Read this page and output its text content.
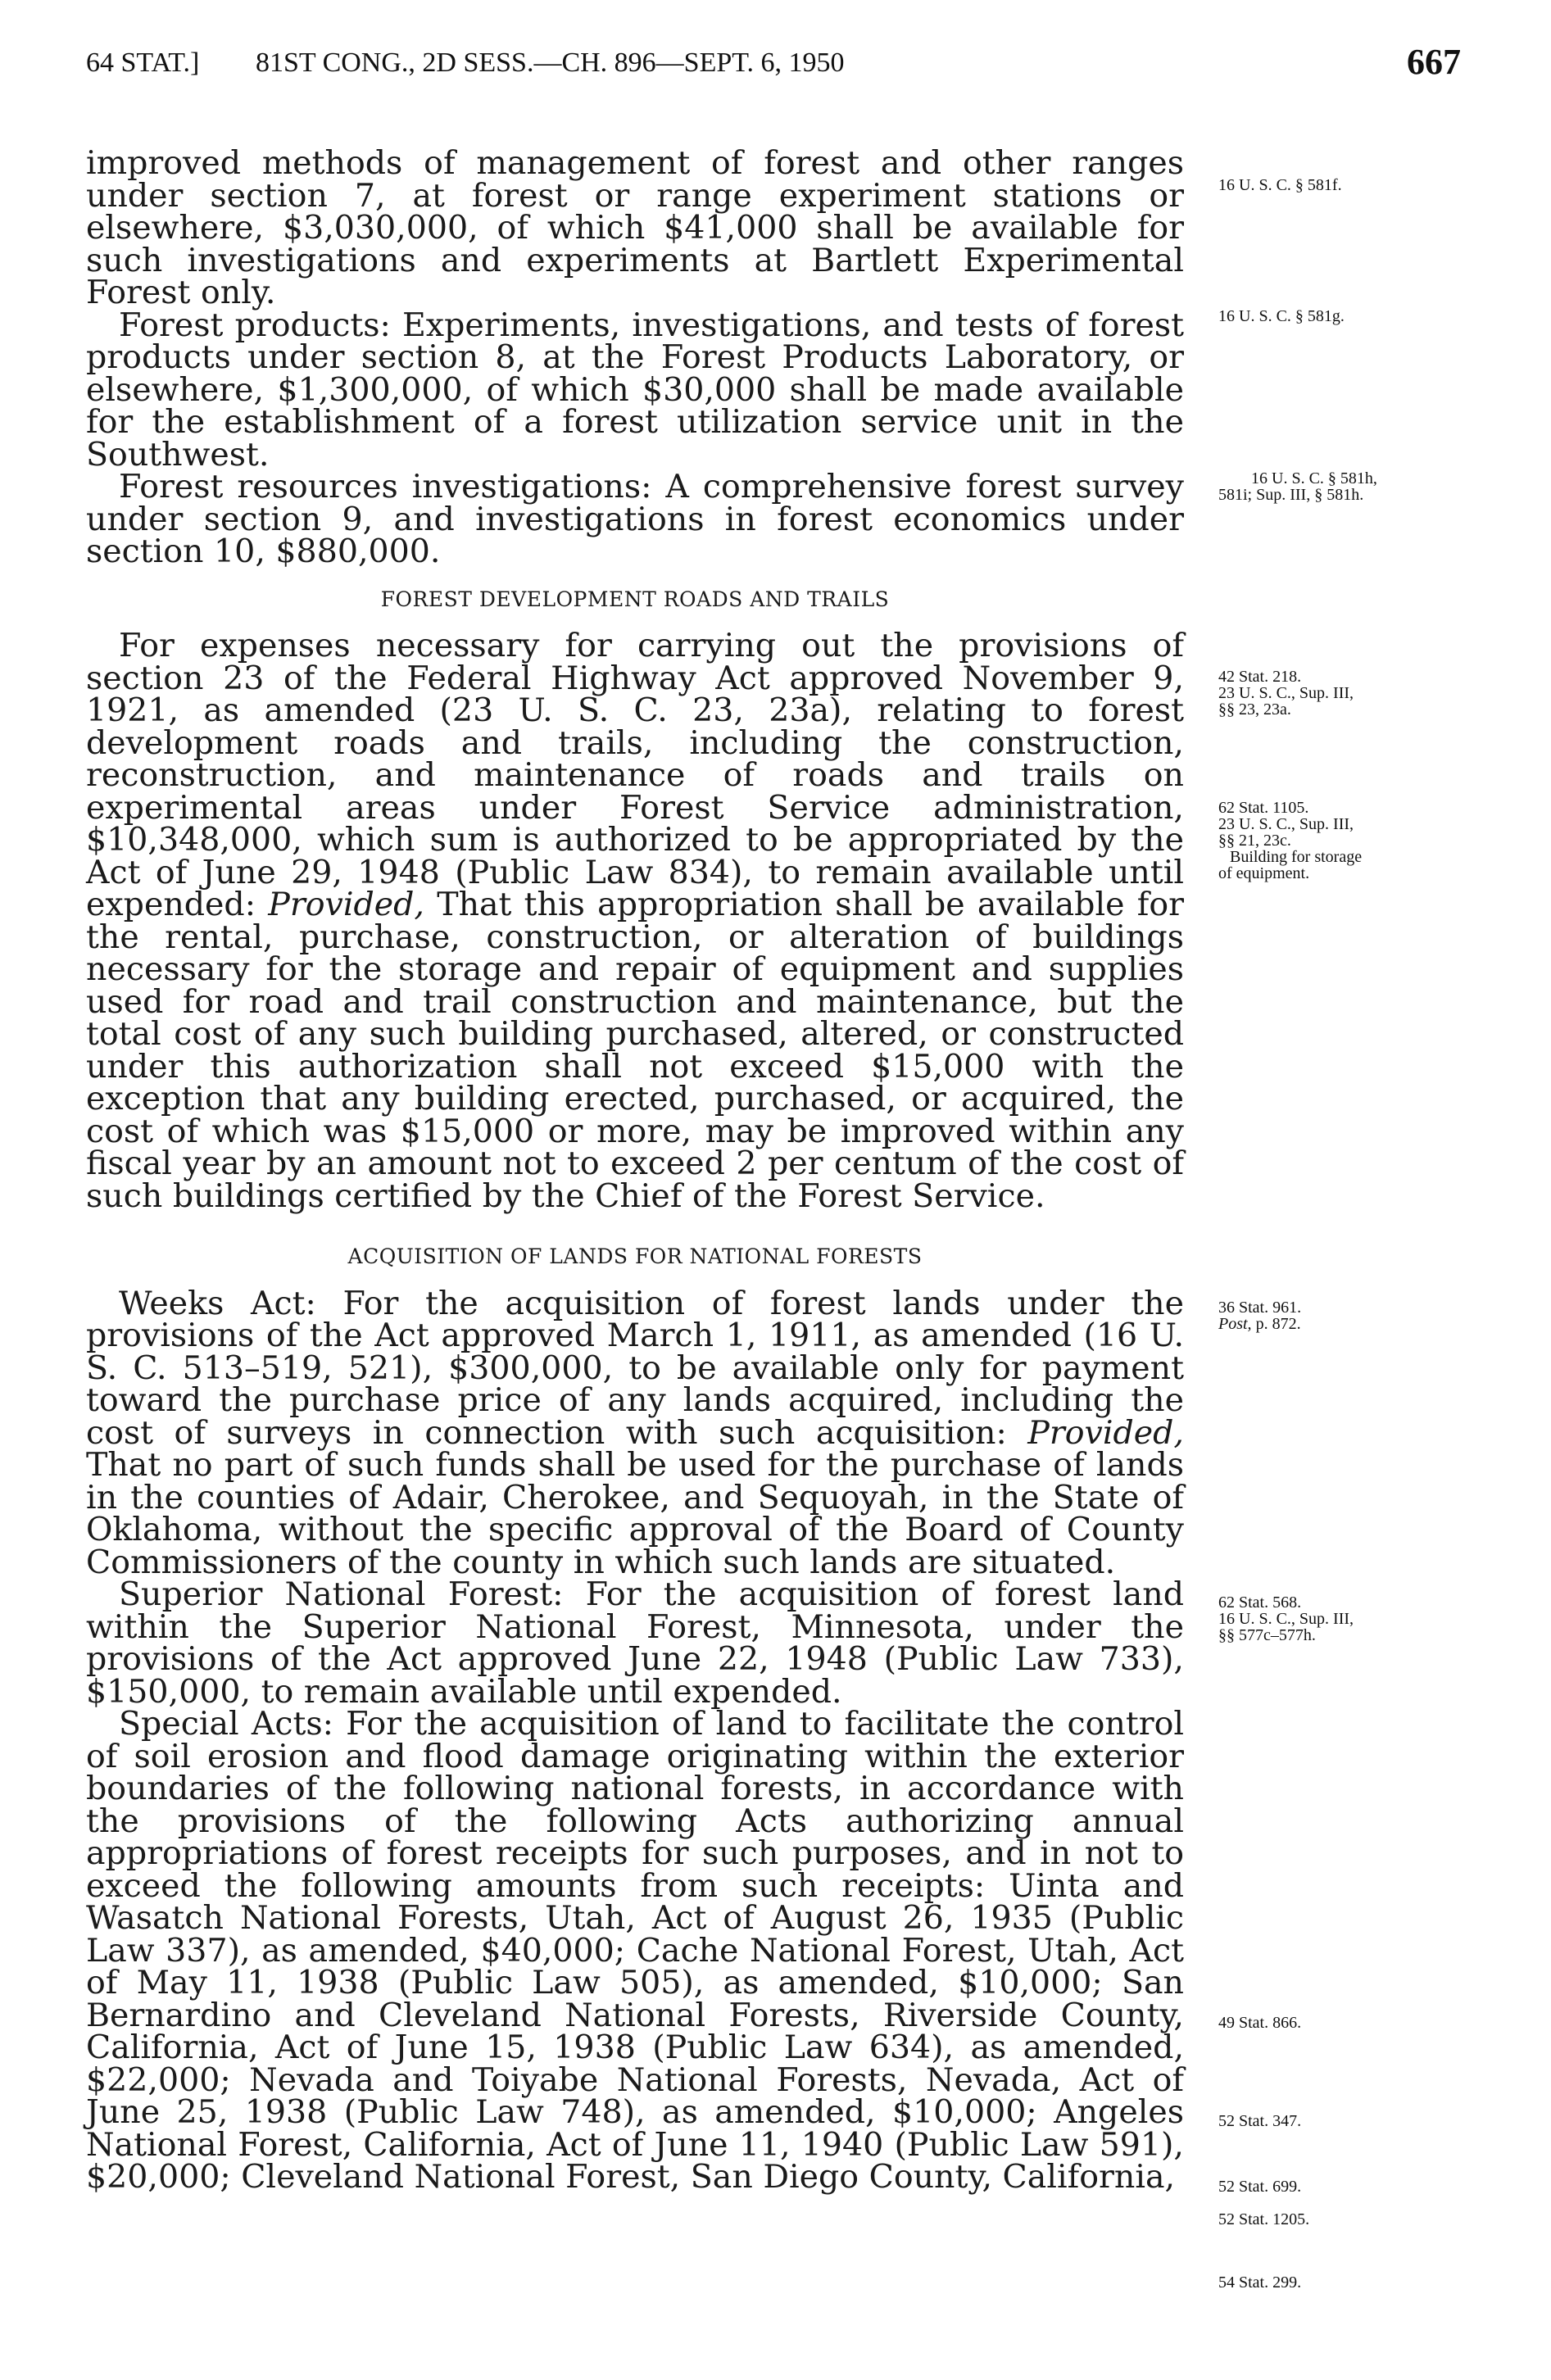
64 STAT.] 81ST CONG., 2D SESS.—CH. 896—SEPT. 6, 1950	667

improved methods of management of forest and other ranges under section 7, at forest or range experiment stations or elsewhere, $3,030,000, of which $41,000 shall be available for such investigations and experiments at Bartlett Experimental Forest only.

Forest products: Experiments, investigations, and tests of forest products under section 8, at the Forest Products Laboratory, or elsewhere, $1,300,000, of which $30,000 shall be made available for the establishment of a forest utilization service unit in the Southwest.

Forest resources investigations: A comprehensive forest survey under section 9, and investigations in forest economics under section 10, $880,000.

FOREST DEVELOPMENT ROADS AND TRAILS

For expenses necessary for carrying out the provisions of section 23 of the Federal Highway Act approved November 9, 1921, as amended (23 U. S. C. 23, 23a), relating to forest development roads and trails, including the construction, reconstruction, and maintenance of roads and trails on experimental areas under Forest Service administration, $10,348,000, which sum is authorized to be appropriated by the Act of June 29, 1948 (Public Law 834), to remain available until expended: Provided, That this appropriation shall be available for the rental, purchase, construction, or alteration of buildings necessary for the storage and repair of equipment and supplies used for road and trail construction and maintenance, but the total cost of any such building purchased, altered, or constructed under this authorization shall not exceed $15,000 with the exception that any building erected, purchased, or acquired, the cost of which was $15,000 or more, may be improved within any fiscal year by an amount not to exceed 2 per centum of the cost of such buildings certified by the Chief of the Forest Service.

ACQUISITION OF LANDS FOR NATIONAL FORESTS

Weeks Act: For the acquisition of forest lands under the provisions of the Act approved March 1, 1911, as amended (16 U. S. C. 513–519, 521), $300,000, to be available only for payment toward the purchase price of any lands acquired, including the cost of surveys in connection with such acquisition: Provided, That no part of such funds shall be used for the purchase of lands in the counties of Adair, Cherokee, and Sequoyah, in the State of Oklahoma, without the specific approval of the Board of County Commissioners of the county in which such lands are situated.

Superior National Forest: For the acquisition of forest land within the Superior National Forest, Minnesota, under the provisions of the Act approved June 22, 1948 (Public Law 733), $150,000, to remain available until expended.

Special Acts: For the acquisition of land to facilitate the control of soil erosion and flood damage originating within the exterior boundaries of the following national forests, in accordance with the provisions of the following Acts authorizing annual appropriations of forest receipts for such purposes, and in not to exceed the following amounts from such receipts: Uinta and Wasatch National Forests, Utah, Act of August 26, 1935 (Public Law 337), as amended, $40,000; Cache National Forest, Utah, Act of May 11, 1938 (Public Law 505), as amended, $10,000; San Bernardino and Cleveland National Forests, Riverside County, California, Act of June 15, 1938 (Public Law 634), as amended, $22,000; Nevada and Toiyabe National Forests, Nevada, Act of June 25, 1938 (Public Law 748), as amended, $10,000; Angeles National Forest, California, Act of June 11, 1940 (Public Law 591), $20,000; Cleveland National Forest, San Diego County, California,

16 U. S. C. § 581f.
16 U. S. C. § 581g.
16 U. S. C. § 581h,
581i; Sup. III, § 581h.
42 Stat. 218.
23 U. S. C., Sup. III,
§§ 23, 23a.
62 Stat. 1105.
23 U. S. C., Sup. III,
§§ 21, 23c.
Building for storage
of equipment.
36 Stat. 961.
Post, p. 872.
62 Stat. 568.
16 U. S. C., Sup. III,
§§ 577c–577h.
49 Stat. 866.
52 Stat. 347.
52 Stat. 699.
52 Stat. 1205.
54 Stat. 299.
